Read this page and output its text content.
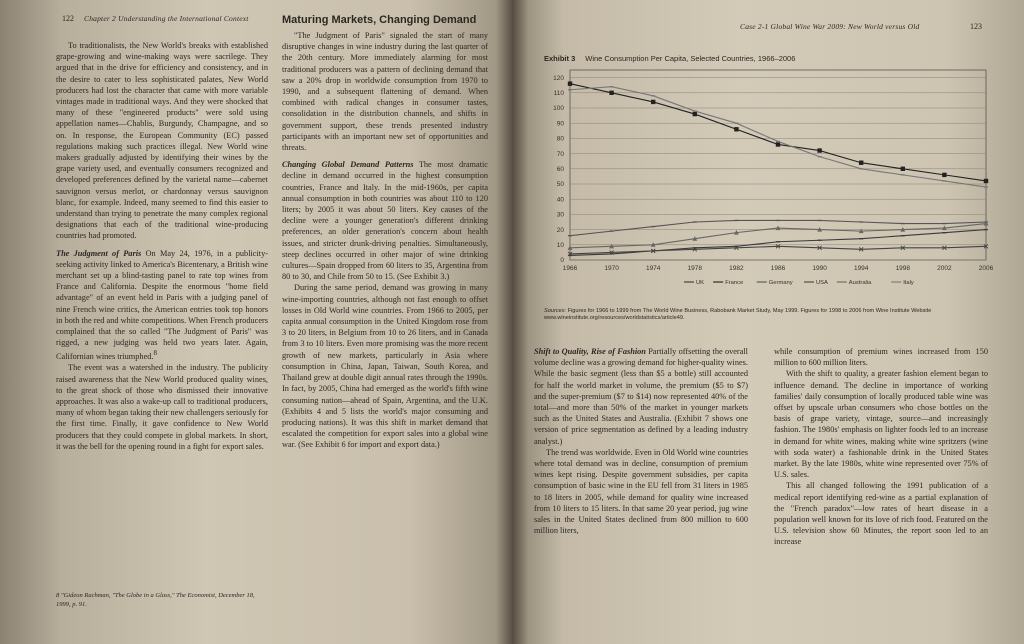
122 Chapter 2 Understanding the International Context

To traditionalists, the New World's breaks with established grape-growing and wine-making ways were sacrilege. They argued that in the drive for efficiency and consistency, and in the desire to cater to less sophisticated palates, New World producers had lost the character that came with more variable vintages made in traditional ways. And they were shocked that many of these "engineered products" were sold using appellation names—Chablis, Burgundy, Champagne, and so on. In response, the European Community (EC) passed regulations making such practices illegal. New World wine makers gradually adjusted by identifying their wines by the grape variety used, and eventually consumers recognized and developed preferences defined by the varietal name—cabernet sauvignon versus merlot, or chardonnay versus sauvignon blanc, for example. Indeed, many seemed to find this easier to understand than trying to penetrate the many complex regional designations that each of the traditional wine-producing countries had promoted.

The Judgment of Paris On May 24, 1976, in a publicity-seeking activity linked to America's Bicentenary, a British wine merchant set up a blind-tasting panel to rate top wines from France and California. Despite the enormous "home field advantage" of an event held in Paris with a judging panel of nine French wine critics, the American entries took top honors in both the red and white competitions. When French producers complained that the so called "The Judgment of Paris" was rigged, a new judging was held two years later. Again, Californian wines triumphed.$^8$

The event was a watershed in the industry. The publicity raised awareness that the New World produced quality wines, to the great shock of those who dismissed their innovative approaches. It was also a wake-up call to traditional producers, many of whom began taking their new challengers seriously for the first time. Finally, it gave confidence to New World producers that they could compete in global markets. In short, it was the bell for the opening round in a fight for export sales.

8 "Gideon Rachman, "The Globe in a Glass," The Economist, December 18, 1999, p. 91.
Maturing Markets, Changing Demand

"The Judgment of Paris" signaled the start of many disruptive changes in wine industry during the last quarter of the 20th century. More immediately alarming for most traditional producers was a pattern of declining demand that saw a 20% drop in worldwide consumption from 1970 to 1990, and a subsequent flattening of demand. When combined with radical changes in consumer tastes, consolidation in the distribution channels, and shifts in government support, these trends presented industry participants with an important new set of opportunities and threats.

Changing Global Demand Patterns The most dramatic decline in demand occurred in the highest consumption countries, France and Italy. In the mid-1960s, per capita annual consumption in both countries was about 110 to 120 liters; by 2005 it was about 50 liters. Key causes of the decline were a younger generation's different drinking preferences, an older generation's concern about health issues, and stricter drunk-driving penalties. Simultaneously, steep declines occurred in other major of wine drinking cultures—Spain dropped from 60 liters to 35, Argentina from 80 to 30, and Chile from 50 to 15. (See Exhibit 3.)

During the same period, demand was growing in many wine-importing countries, although not fast enough to offset losses in Old World wine countries. From 1966 to 2005, per capita annual consumption in the United Kingdom rose from 3 to 20 liters, in Belgium from 10 to 26 liters, and in Canada from 3 to 10 liters. Even more promising was the more recent growth of new markets, particularly in Asia where consumption in China, Japan, Taiwan, South Korea, and Thailand grew at double digit annual rates through the 1990s. In fact, by 2005, China had emerged as the world's fifth wine consuming nation—ahead of Spain, Argentina, and the U.K. (Exhibits 4 and 5 lists the world's major consuming and producing nations). It was this shift in market demand that escalated the competition for export sales into a global wine war. (See Exhibit 6 for import and export data.)

Case 2-1 Global Wine War 2009: New World versus Old	123
Exhibit 3 Wine Consumption Per Capita, Selected Countries, 1966–2006
0
10
20
30
40
50
60
70
80
90
100
110
120
1966	1970	1974	1978	1982	1986	1990	1994	1998	2002	2006
UK	France	Germany	USA	Australia	Italy
Sources: Figures for 1966 to 1999 from The World Wine Business, Rabobank Market Study, May 1999. Figures for 1998 to 2006 from Wine Institute Website www.wineinstitute.org/resources/worldstatistics/article49.

Shift to Quality, Rise of Fashion Partially offsetting the overall volume decline was a growing demand for higher-quality wines. While the basic segment (less than $5 a bottle) still accounted for half the world market in volume, the premium ($5 to $7) and the super-premium ($7 to $14) now represented 40% of the total—and more than 50% of the market in younger markets such as the United States and Australia. (Exhibit 7 shows one version of price segmentation as defined by a leading industry analyst.)

The trend was worldwide. Even in Old World wine countries where total demand was in decline, consumption of premium wines kept rising. Despite government subsidies, per capita consumption of basic wine in the EU fell from 31 liters in 1985 to 18 liters in 2005, while demand for quality wine increased from 10 liters to 15 liters. In that same 20 year period, jug wine sales in the United States declined from 800 million to 600 million liters,

while consumption of premium wines increased from 150 million to 600 million liters.

With the shift to quality, a greater fashion element began to influence demand. The decline in importance of working families' daily consumption of locally produced table wine was offset by upscale urban consumers who chose bottles on the basis of grape variety, vintage, source—and increasingly fashion. The 1980s' emphasis on lighter foods led to an increase in demand for white wines, making white wine spritzers (wine with soda water) a fashionable drink in the United States market. By the late 1980s, white wine represented over 75% of U.S. sales.

This all changed following the 1991 publication of a medical report identifying red-wine as a partial explanation of the "French paradox"—low rates of heart disease in a population well known for its love of rich food. Featured on the U.S. television show 60 Minutes, the report soon led to an increase
